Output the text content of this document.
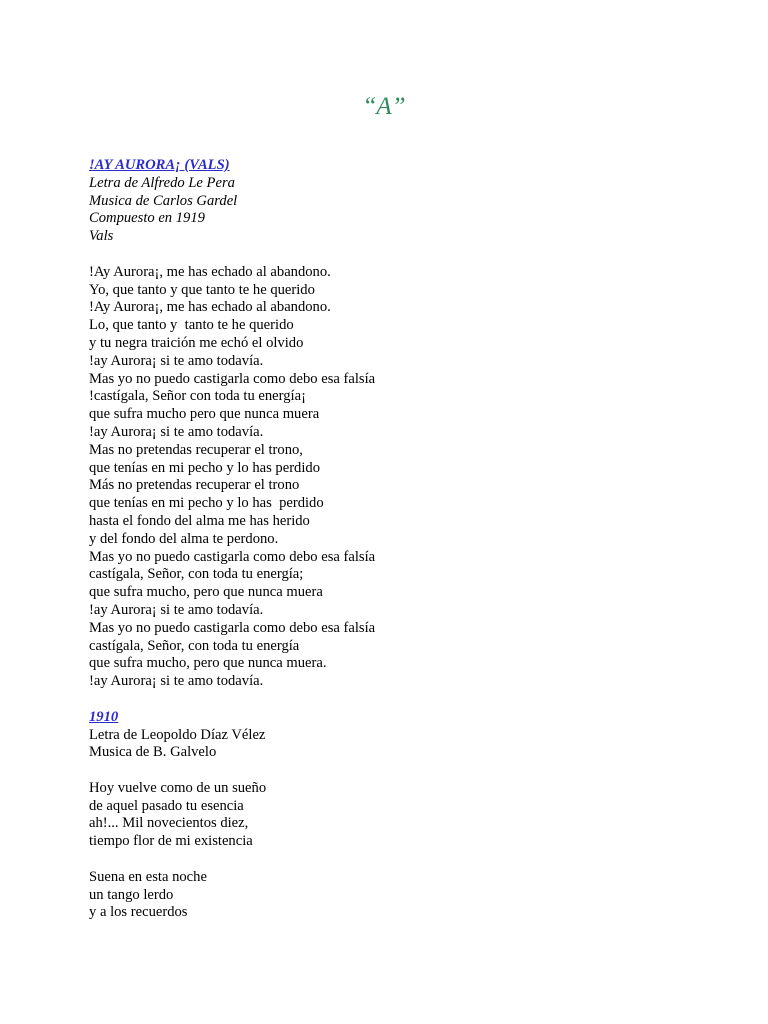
“A”
!AY AURORA¡ (VALS)
Letra de Alfredo Le Pera
Musica de Carlos Gardel
Compuesto en 1919
Vals
!Ay Aurora¡, me has echado al abandono.
Yo, que tanto y que tanto te he querido
!Ay Aurora¡, me has echado al abandono.
Lo, que tanto y  tanto te he querido
y tu negra traición me echó el olvido
!ay Aurora¡ si te amo todavía.
Mas yo no puedo castigarla como debo esa falsía
!castígala, Señor con toda tu energía¡
que sufra mucho pero que nunca muera
!ay Aurora¡ si te amo todavía.
Mas no pretendas recuperar el trono,
que tenías en mi pecho y lo has perdido
Más no pretendas recuperar el trono
que tenías en mi pecho y lo has  perdido
hasta el fondo del alma me has herido
y del fondo del alma te perdono.
Mas yo no puedo castigarla como debo esa falsía
castígala, Señor, con toda tu energía;
que sufra mucho, pero que nunca muera
!ay Aurora¡ si te amo todavía.
Mas yo no puedo castigarla como debo esa falsía
castígala, Señor, con toda tu energía
que sufra mucho, pero que nunca muera.
!ay Aurora¡ si te amo todavía.
1910
Letra de Leopoldo Díaz Vélez
Musica de B. Galvelo
Hoy vuelve como de un sueño
de aquel pasado tu esencia
ah!... Mil novecientos diez,
tiempo flor de mi existencia
Suena en esta noche
un tango lerdo
y a los recuerdos
